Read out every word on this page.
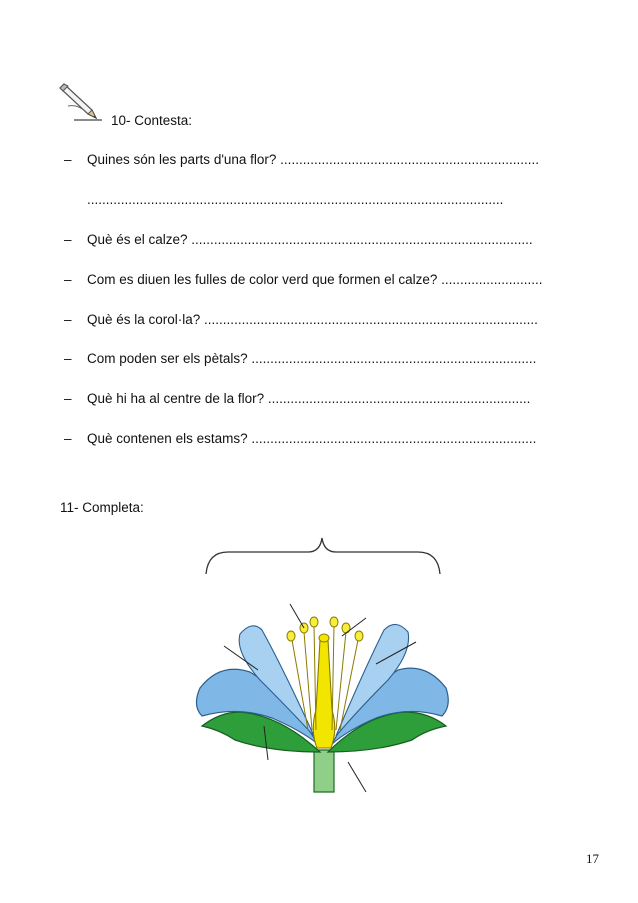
10- Contesta:
– Quines són les parts d'una flor? .....................................................................
...............................................................................................................
– Què és el calze? ...........................................................................................
– Com es diuen les fulles de color verd que formen el calze? ...........................
– Què és la corol·la? .........................................................................................
– Com poden ser els pètals? ............................................................................
– Què hi ha al centre de la flor? ......................................................................
– Què contenen els estams? ............................................................................
11- Completa:
17
